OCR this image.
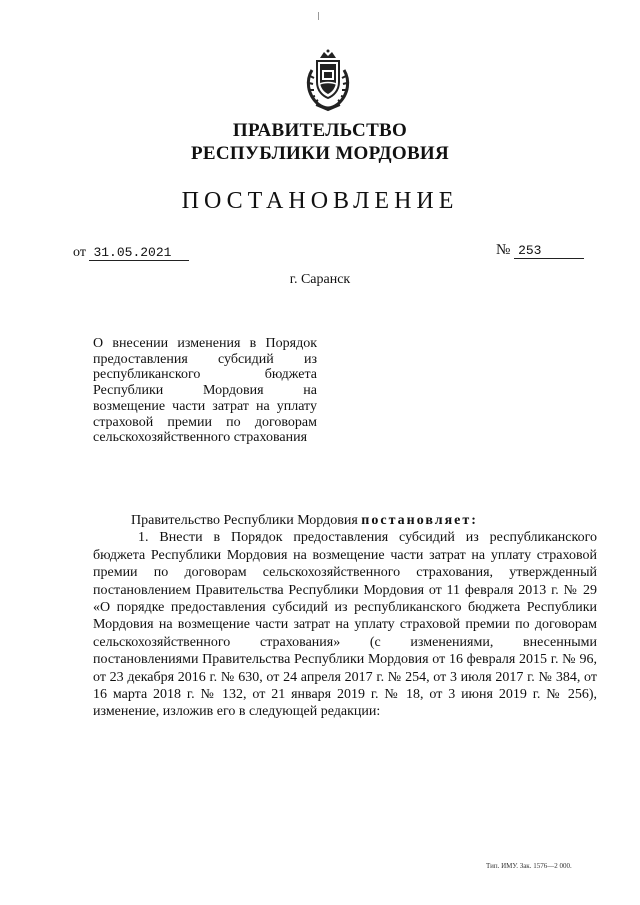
ПРАВИТЕЛЬСТВО
РЕСПУБЛИКИ МОРДОВИЯ
ПОСТАНОВЛЕНИЕ
от 31.05.2021	№ 253
г. Саранск
О внесении изменения в Порядок предоставления субсидий из республиканского бюджета Республики Мордовия на возмещение части затрат на уплату страховой премии по договорам сельскохозяйственного страхования

Правительство Республики Мордовия постановляет:

1. Внести в Порядок предоставления субсидий из республиканского бюджета Республики Мордовия на возмещение части затрат на уплату страховой премии по договорам сельскохозяйственного страхования, утвержденный постановлением Правительства Республики Мордовия от 11 февраля 2013 г. № 29 «О порядке предоставления субсидий из республиканского бюджета Республики Мордовия на возмещение части затрат на уплату страховой премии по договорам сельскохозяйственного страхования» (с изменениями, внесенными постановлениями Правительства Республики Мордовия от 16 февраля 2015 г. № 96, от 23 декабря 2016 г. № 630, от 24 апреля 2017 г. № 254, от 3 июля 2017 г. № 384, от 16 марта 2018 г. № 132, от 21 января 2019 г. № 18, от 3 июня 2019 г. № 256), изменение, изложив его в следующей редакции:

Тип. ИМУ. Зак. 1576—2 000.
